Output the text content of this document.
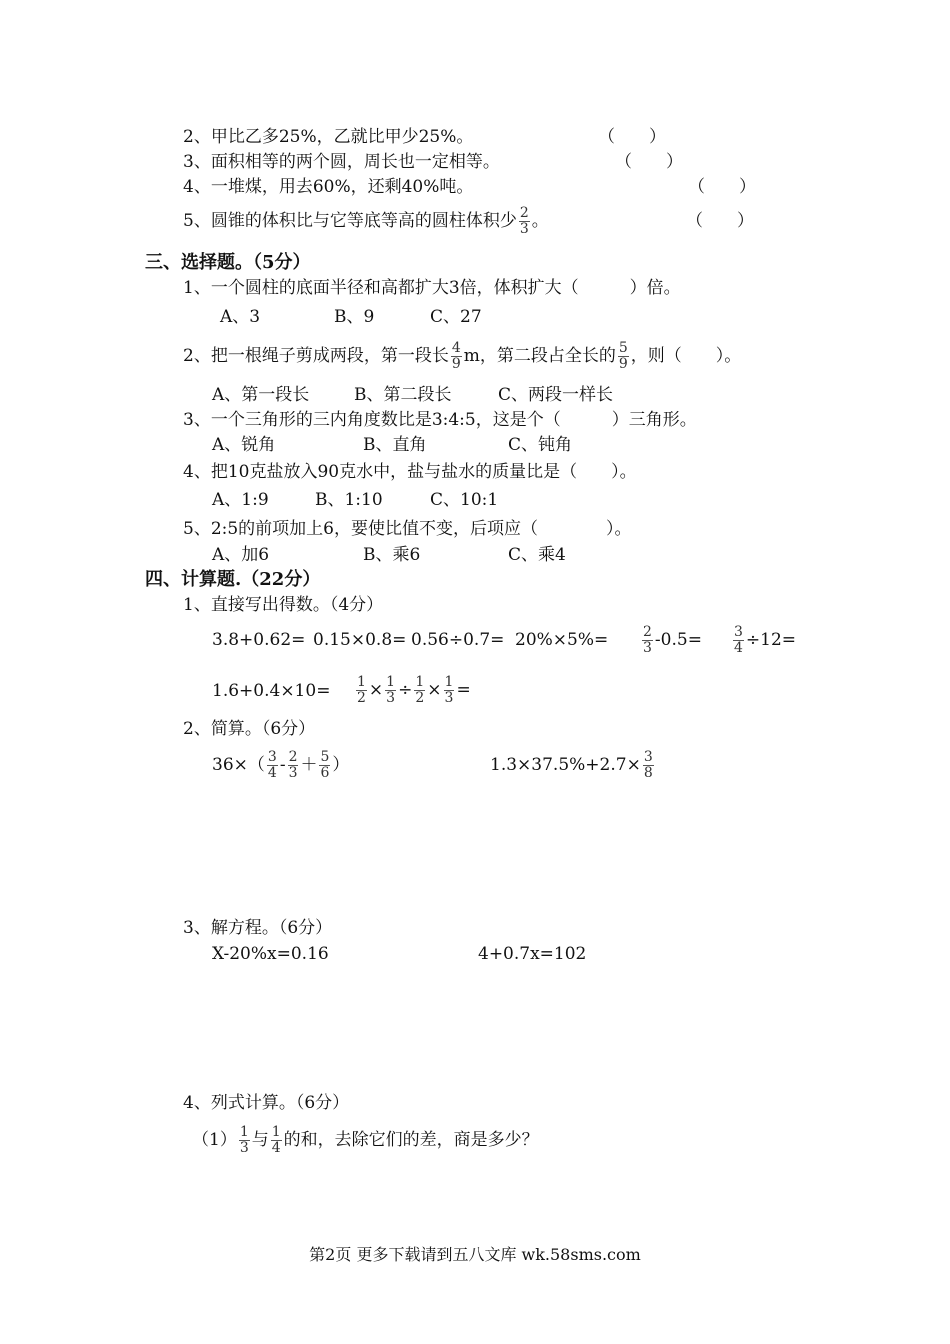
2、甲比乙多25%，乙就比甲少25%。	（　　）
3、面积相等的两个圆，周长也一定相等。	（　　）
4、一堆煤，用去60%，还剩40%吨。	（　　）
5、圆锥的体积比与它等底等高的圆柱体积少 $\frac{2}{3}$ 。	（　　）
三、选择题。（5分）
1、一个圆柱的底面半径和高都扩大3倍，体积扩大（　　　）倍。
A、3	B、9	C、27
2、把一根绳子剪成两段，第一段长 $\frac{4}{9}$ m，第二段占全长的 $\frac{5}{9}$ ，则（　　）。
A、第一段长	B、第二段长	C、两段一样长
3、一个三角形的三内角度数比是3:4:5，这是个（　　　）三角形。
A、锐角	B、直角	C、钝角
4、把10克盐放入90克水中，盐与盐水的质量比是（　　）。
A、1:9	B、1:10	C、10:1
5、2:5的前项加上6，要使比值不变，后项应（　　　　）。
A、加6	B、乘6	C、乘4
四、计算题.（22分）
1、直接写出得数。（4分）
$3.8+0.62= 0.15\times 0.8= 0.56\div 0.7= 20\%\times 5\%= \frac{2}{3} -0.5= \frac{3}{4} \div 12=$
$1.6+0.4\times 10= \frac{1}{2} \times \frac{1}{3} \div \frac{1}{2} \times \frac{1}{3}$ =
2、简算。（6分）
$36\times( \frac{3}{4} - \frac{2}{3} + \frac{5}{6}$ ）	$1.3\times 37.5\%+2.7\times \frac{3}{8}$
3、解方程。（6分）
X-20%x=0.16	4+0.7x=102
4、列式计算。（6分）
$(1) \frac{1}{3}$ 与 $\frac{1}{4}$ 的和，去除它们的差，商是多少？
第2页 更多下载请到五八文库 wk.58sms.com
